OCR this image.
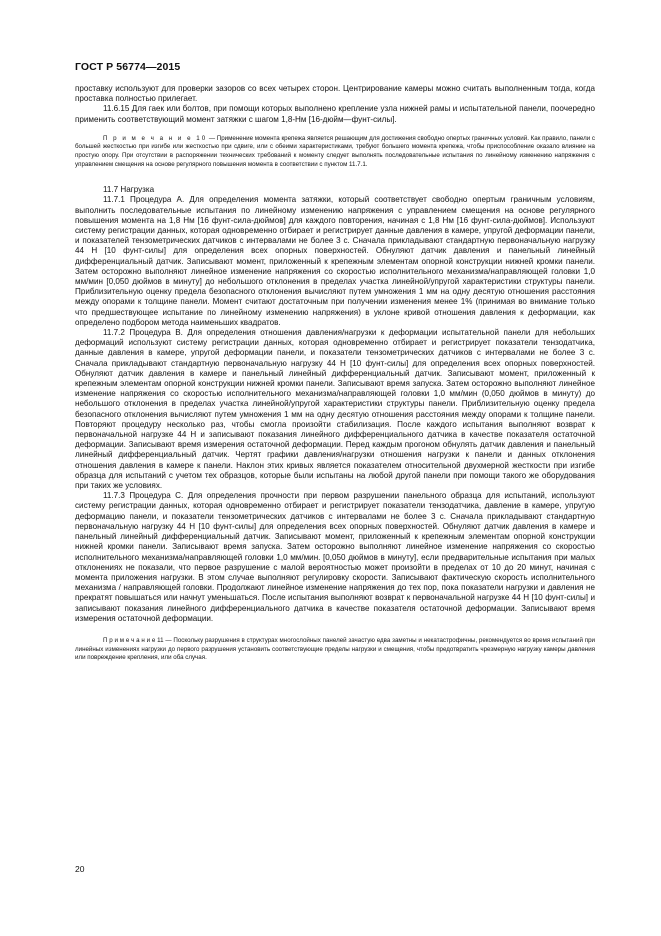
ГОСТ Р 56774—2015

проставку используют для проверки зазоров со всех четырех сторон. Центрирование камеры можно считать выполненным тогда, когда проставка полностью прилегает.

11.6.15 Для гаек или болтов, при помощи которых выполнено крепление узла нижней рамы и испытательной панели, поочередно применить соответствующий момент затяжки с шагом 1,8-Нм [16-дюйм—фунт-силы].

П р и м е ч а н и е 10 — Применение момента крепежа является решающим для достижения свободно опертых граничных условий. Как правило, панели с большей жесткостью при изгибе или жесткостью при сдвиге, или с обеими характеристиками, требуют большего момента крепежа, чтобы приспособление оказало влияние на простую опору. При отсутствии в распоряжении технических требований к моменту следует выполнять последовательные испытания по линейному изменению напряжения с управлением смещения на основе регулярного повышения момента в соответствии с пунктом 11.7.1.

11.7 Нагрузка

11.7.1 Процедура А. Для определения момента затяжки, который соответствует свободно опертым граничным условиям, выполнить последовательные испытания по линейному изменению напряжения с управлением смещения на основе регулярного повышения момента на 1,8 Нм [16 фунт-сила-дюймов] для каждого повторения, начиная с 1,8 Нм [16 фунт-сила-дюймов]. Используют систему регистрации данных, которая одновременно отбирает и регистрирует данные давления в камере, упругой деформации панели, и показателей тензометрических датчиков с интервалами не более 3 с. Сначала прикладывают стандартную первоначальную нагрузку 44 Н [10 фунт-силы] для определения всех опорных поверхностей. Обнуляют датчик давления и панельный линейный дифференциальный датчик. Записывают момент, приложенный к крепежным элементам опорной конструкции нижней кромки панели. Затем осторожно выполняют линейное изменение напряжения со скоростью исполнительного механизма/направляющей головки 1,0 мм/мин [0,050 дюймов в минуту] до небольшого отклонения в пределах участка линейной/упругой характеристики структуры панели. Приблизительную оценку предела безопасного отклонения вычисляют путем умножения 1 мм на одну десятую отношения расстояния между опорами к толщине панели. Момент считают достаточным при получении изменения менее 1% (принимая во внимание только что предшествующее испытание по линейному изменению напряжения) в уклоне кривой отношения давления к деформации, как определено подбором метода наименьших квадратов.

11.7.2 Процедура В. Для определения отношения давления/нагрузки к деформации испытательной панели для небольших деформаций используют систему регистрации данных, которая одновременно отбирает и регистрирует показатели тензодатчика, данные давления в камере, упругой деформации панели, и показатели тензометрических датчиков с интервалами не более 3 с. Сначала прикладывают стандартную первоначальную нагрузку 44 Н [10 фунт-силы] для определения всех опорных поверхностей. Обнуляют датчик давления в камере и панельный линейный дифференциальный датчик. Записывают момент, приложенный к крепежным элементам опорной конструкции нижней кромки панели. Записывают время запуска. Затем осторожно выполняют линейное изменение напряжения со скоростью исполнительного механизма/направляющей головки 1,0 мм/мин (0,050 дюймов в минуту) до небольшого отклонения в пределах участка линейной/упругой характеристики структуры панели. Приблизительную оценку предела безопасного отклонения вычисляют путем умножения 1 мм на одну десятую отношения расстояния между опорами к толщине панели. Повторяют процедуру несколько раз, чтобы смогла произойти стабилизация. После каждого испытания выполняют возврат к первоначальной нагрузке 44 Н и записывают показания линейного дифференциального датчика в качестве показателя остаточной деформации. Записывают время измерения остаточной деформации. Перед каждым прогоном обнулять датчик давления и панельный линейный дифференциальный датчик. Чертят графики давления/нагрузки отношения нагрузки к панели и данных отклонения отношения давления в камере к панели. Наклон этих кривых является показателем относительной двухмерной жесткости при изгибе образца для испытаний с учетом тех образцов, которые были испытаны на любой другой панели при помощи такого же оборудования при таких же условиях.

11.7.3 Процедура С. Для определения прочности при первом разрушении панельного образца для испытаний, используют систему регистрации данных, которая одновременно отбирает и регистрирует показатели тензодатчика, давление в камере, упругую деформацию панели, и показатели тензометрических датчиков с интервалами не более 3 с. Сначала прикладывают стандартную первоначальную нагрузку 44 Н [10 фунт-силы] для определения всех опорных поверхностей. Обнуляют датчик давления в камере и панельный линейный дифференциальный датчик. Записывают момент, приложенный к крепежным элементам опорной конструкции нижней кромки панели. Записывают время запуска. Затем осторожно выполняют линейное изменение напряжения со скоростью исполнительного механизма/направляющей головки 1,0 мм/мин. [0,050 дюймов в минуту], если предварительные испытания при малых отклонениях не показали, что первое разрушение с малой вероятностью может произойти в пределах от 10 до 20 минут, начиная с момента приложения нагрузки. В этом случае выполняют регулировку скорости. Записывают фактическую скорость исполнительного механизма / направляющей головки. Продолжают линейное изменение напряжения до тех пор, пока показатели нагрузки и давления не прекратят повышаться или начнут уменьшаться. После испытания выполняют возврат к первоначальной нагрузке 44 Н [10 фунт-силы] и записывают показания линейного дифференциального датчика в качестве показателя остаточной деформации. Записывают время измерения остаточной деформации.

П р и м е ч а н и е 11 — Поскольку разрушения в структурах многослойных панелей зачастую едва заметны и некатастрофичны, рекомендуется во время испытаний при линейных изменениях нагрузки до первого разрушения установить соответствующие пределы нагрузки и смещения, чтобы предотвратить чрезмерную нагрузку камеры давления или повреждение крепления, или оба случая.

20
